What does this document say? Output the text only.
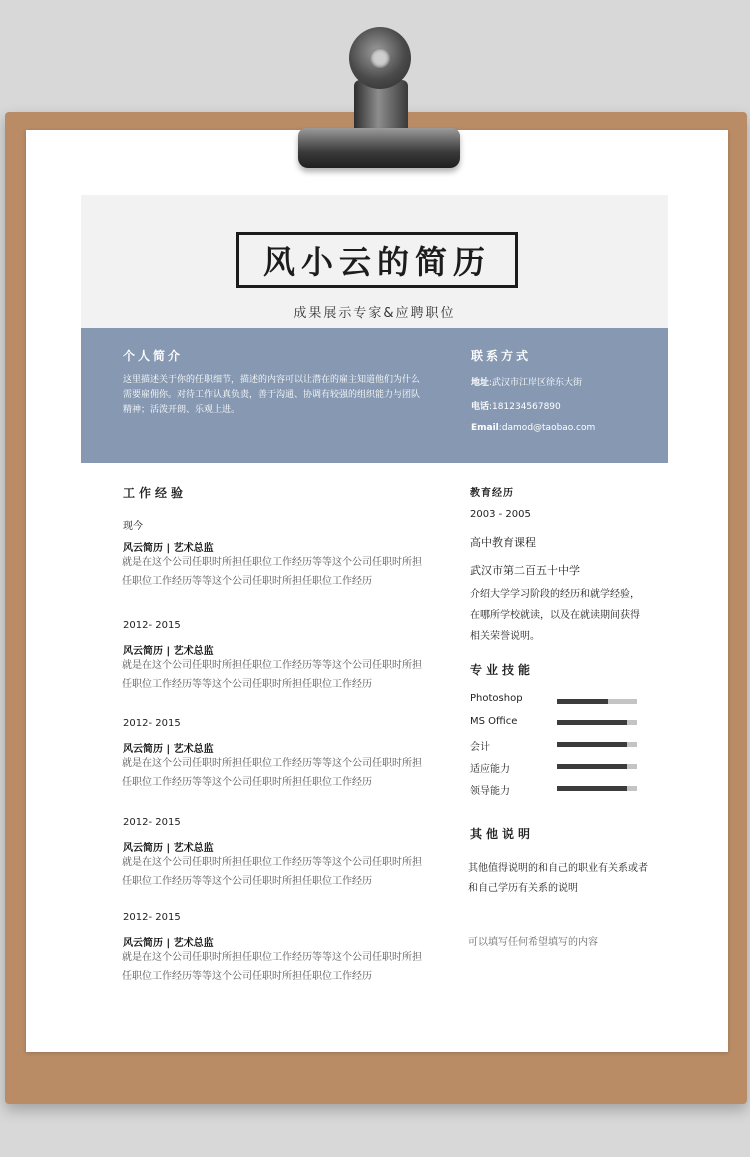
风小云的简历
成果展示专家&应聘职位
个人简介
这里描述关于你的任职细节，描述的内容可以让潜在的雇主知道他们为什么需要雇佣你。对待工作认真负责，善于沟通、协调有较强的组织能力与团队精神；活泼开朗、乐观上进。
联系方式
地址:武汉市江岸区徐东大街
电话:181234567890
Email:damod@taobao.com
工作经验
现今
风云简历 | 艺术总监
就是在这个公司任职时所担任职位工作经历等等这个公司任职时所担任职位工作经历等等这个公司任职时所担任职位工作经历
2012- 2015
风云简历 | 艺术总监
就是在这个公司任职时所担任职位工作经历等等这个公司任职时所担任职位工作经历等等这个公司任职时所担任职位工作经历
2012- 2015
风云简历 | 艺术总监
就是在这个公司任职时所担任职位工作经历等等这个公司任职时所担任职位工作经历等等这个公司任职时所担任职位工作经历
2012- 2015
风云简历 | 艺术总监
就是在这个公司任职时所担任职位工作经历等等这个公司任职时所担任职位工作经历等等这个公司任职时所担任职位工作经历
2012- 2015
风云简历 | 艺术总监
就是在这个公司任职时所担任职位工作经历等等这个公司任职时所担任职位工作经历等等这个公司任职时所担任职位工作经历
教育经历
2003 - 2005
高中教育课程
武汉市第二百五十中学
介绍大学学习阶段的经历和就学经验，在哪所学校就读，以及在就读期间获得相关荣誉说明。
专业技能
Photoshop
MS Office
会计
适应能力
领导能力
其他说明
其他值得说明的和自己的职业有关系或者和自己学历有关系的说明
可以填写任何希望填写的内容
